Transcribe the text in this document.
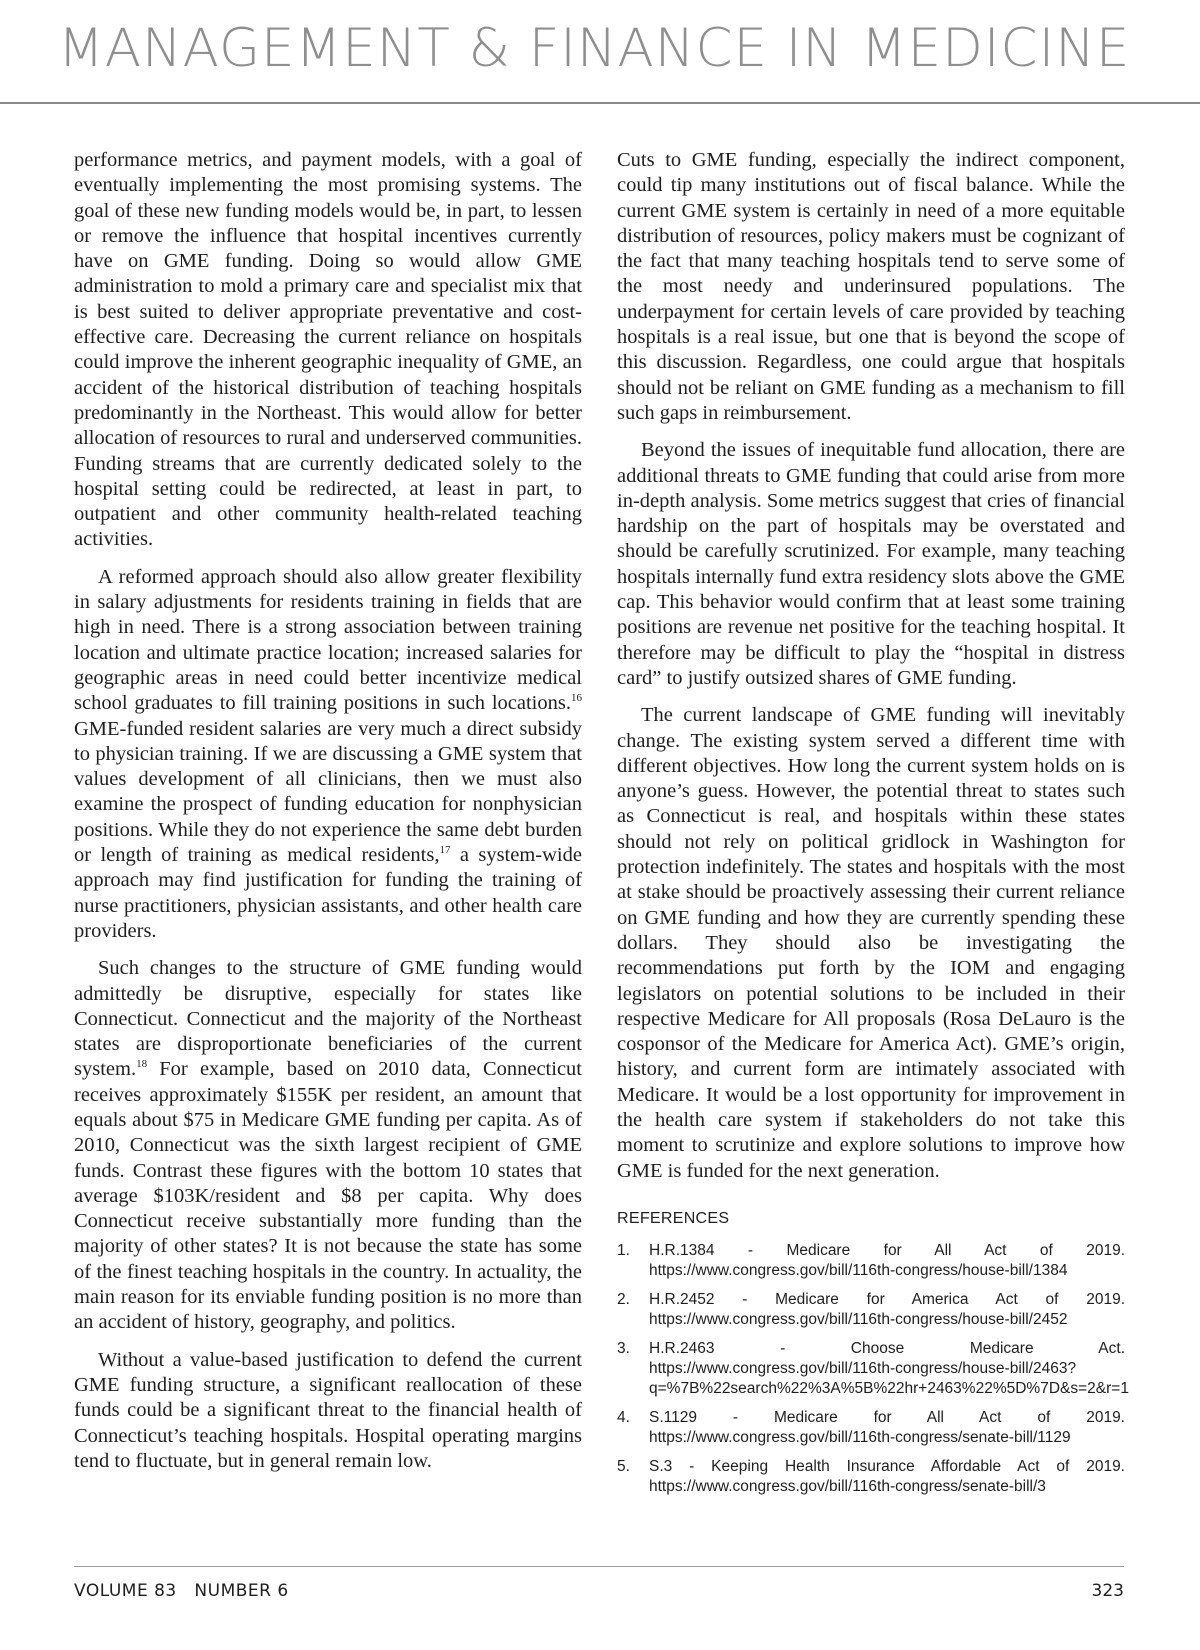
MANAGEMENT & FINANCE IN MEDICINE

performance metrics, and payment models, with a goal of eventually implementing the most promising systems. The goal of these new funding models would be, in part, to lessen or remove the influence that hospital incentives currently have on GME funding. Doing so would allow GME administration to mold a primary care and specialist mix that is best suited to deliver appropriate preventative and cost-effective care. Decreasing the current reliance on hospitals could improve the inherent geographic inequality of GME, an accident of the historical distribution of teaching hospitals predominantly in the Northeast. This would allow for better allocation of resources to rural and underserved communities. Funding streams that are currently dedicated solely to the hospital setting could be redirected, at least in part, to outpatient and other community health-related teaching activities.

A reformed approach should also allow greater flexibility in salary adjustments for residents training in fields that are high in need. There is a strong association between training location and ultimate practice location; increased salaries for geographic areas in need could better incentivize medical school graduates to fill training positions in such locations.$^{16}$ GME-funded resident salaries are very much a direct subsidy to physician training. If we are discussing a GME system that values development of all clinicians, then we must also examine the prospect of funding education for nonphysician positions. While they do not experience the same debt burden or length of training as medical residents,$^{17}$ a system-wide approach may find justification for funding the training of nurse practitioners, physician assistants, and other health care providers.

Such changes to the structure of GME funding would admittedly be disruptive, especially for states like Connecticut. Connecticut and the majority of the Northeast states are disproportionate beneficiaries of the current system.$^{18}$ For example, based on 2010 data, Connecticut receives approximately $155K per resident, an amount that equals about $75 in Medicare GME funding per capita. As of 2010, Connecticut was the sixth largest recipient of GME funds. Contrast these figures with the bottom 10 states that average $103K/resident and $8 per capita. Why does Connecticut receive substantially more funding than the majority of other states? It is not because the state has some of the finest teaching hospitals in the country. In actuality, the main reason for its enviable funding position is no more than an accident of history, geography, and politics.

Without a value-based justification to defend the current GME funding structure, a significant reallocation of these funds could be a significant threat to the financial health of Connecticut’s teaching hospitals. Hospital operating margins tend to fluctuate, but in general remain low.

Cuts to GME funding, especially the indirect component, could tip many institutions out of fiscal balance. While the current GME system is certainly in need of a more equitable distribution of resources, policy makers must be cognizant of the fact that many teaching hospitals tend to serve some of the most needy and underinsured populations. The underpayment for certain levels of care provided by teaching hospitals is a real issue, but one that is beyond the scope of this discussion. Regardless, one could argue that hospitals should not be reliant on GME funding as a mechanism to fill such gaps in reimbursement.

Beyond the issues of inequitable fund allocation, there are additional threats to GME funding that could arise from more in-depth analysis. Some metrics suggest that cries of financial hardship on the part of hospitals may be overstated and should be carefully scrutinized. For example, many teaching hospitals internally fund extra residency slots above the GME cap. This behavior would confirm that at least some training positions are revenue net positive for the teaching hospital. It therefore may be difficult to play the “hospital in distress card” to justify outsized shares of GME funding.

The current landscape of GME funding will inevitably change. The existing system served a different time with different objectives. How long the current system holds on is anyone’s guess. However, the potential threat to states such as Connecticut is real, and hospitals within these states should not rely on political gridlock in Washington for protection indefinitely. The states and hospitals with the most at stake should be proactively assessing their current reliance on GME funding and how they are currently spending these dollars. They should also be investigating the recommendations put forth by the IOM and engaging legislators on potential solutions to be included in their respective Medicare for All proposals (Rosa DeLauro is the cosponsor of the Medicare for America Act). GME’s origin, history, and current form are intimately associated with Medicare. It would be a lost opportunity for improvement in the health care system if stakeholders do not take this moment to scrutinize and explore solutions to improve how GME is funded for the next generation.

REFERENCES
1. H.R.1384 - Medicare for All Act of 2019. https://www.congress.gov/bill/116th-congress/house-bill/1384
2. H.R.2452 - Medicare for America Act of 2019. https://www.congress.gov/bill/116th-congress/house-bill/2452
3. H.R.2463 - Choose Medicare Act. https://www.congress.gov/bill/116th-congress/house-bill/2463?q=%7B%22search%22%3A%5B%22hr+2463%22%5D%7D&s=2&r=1
4. S.1129 - Medicare for All Act of 2019. https://www.congress.gov/bill/116th-congress/senate-bill/1129
5. S.3 - Keeping Health Insurance Affordable Act of 2019. https://www.congress.gov/bill/116th-congress/senate-bill/3
VOLUME 83   NUMBER 6	323
